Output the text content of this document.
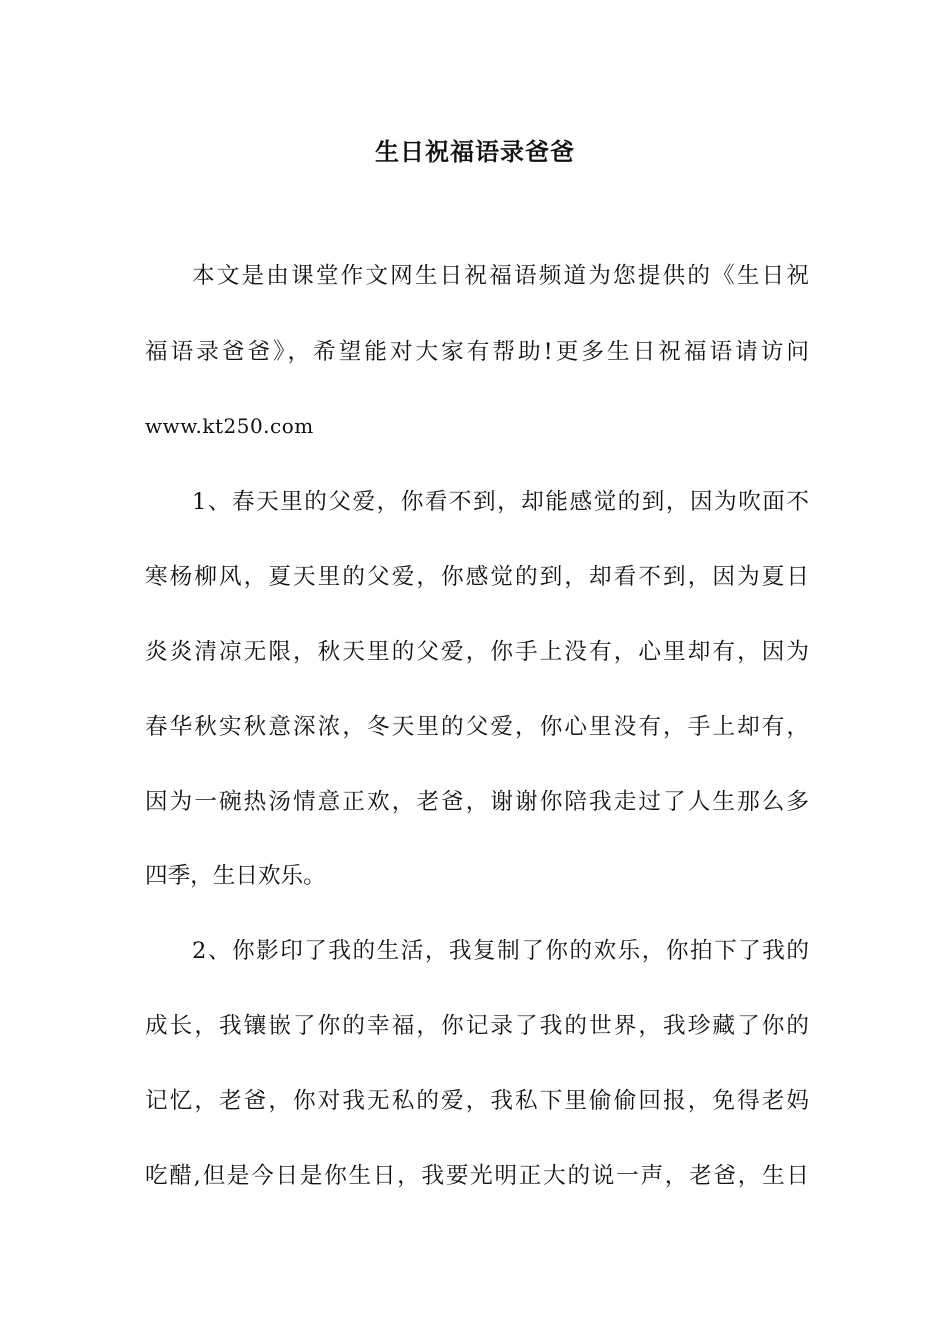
生日祝福语录爸爸
本文是由课堂作文网生日祝福语频道为您提供的《生日祝
福语录爸爸》，希望能对大家有帮助!更多生日祝福语请访问
www.kt250.com
1、春天里的父爱，你看不到，却能感觉的到，因为吹面不
寒杨柳风，夏天里的父爱，你感觉的到，却看不到，因为夏日
炎炎清凉无限，秋天里的父爱，你手上没有，心里却有，因为
春华秋实秋意深浓，冬天里的父爱，你心里没有，手上却有，
因为一碗热汤情意正欢，老爸，谢谢你陪我走过了人生那么多
四季，生日欢乐。
2、你影印了我的生活，我复制了你的欢乐，你拍下了我的
成长，我镶嵌了你的幸福，你记录了我的世界，我珍藏了你的
记忆，老爸，你对我无私的爱，我私下里偷偷回报，免得老妈
吃醋,但是今日是你生日，我要光明正大的说一声，老爸，生日
